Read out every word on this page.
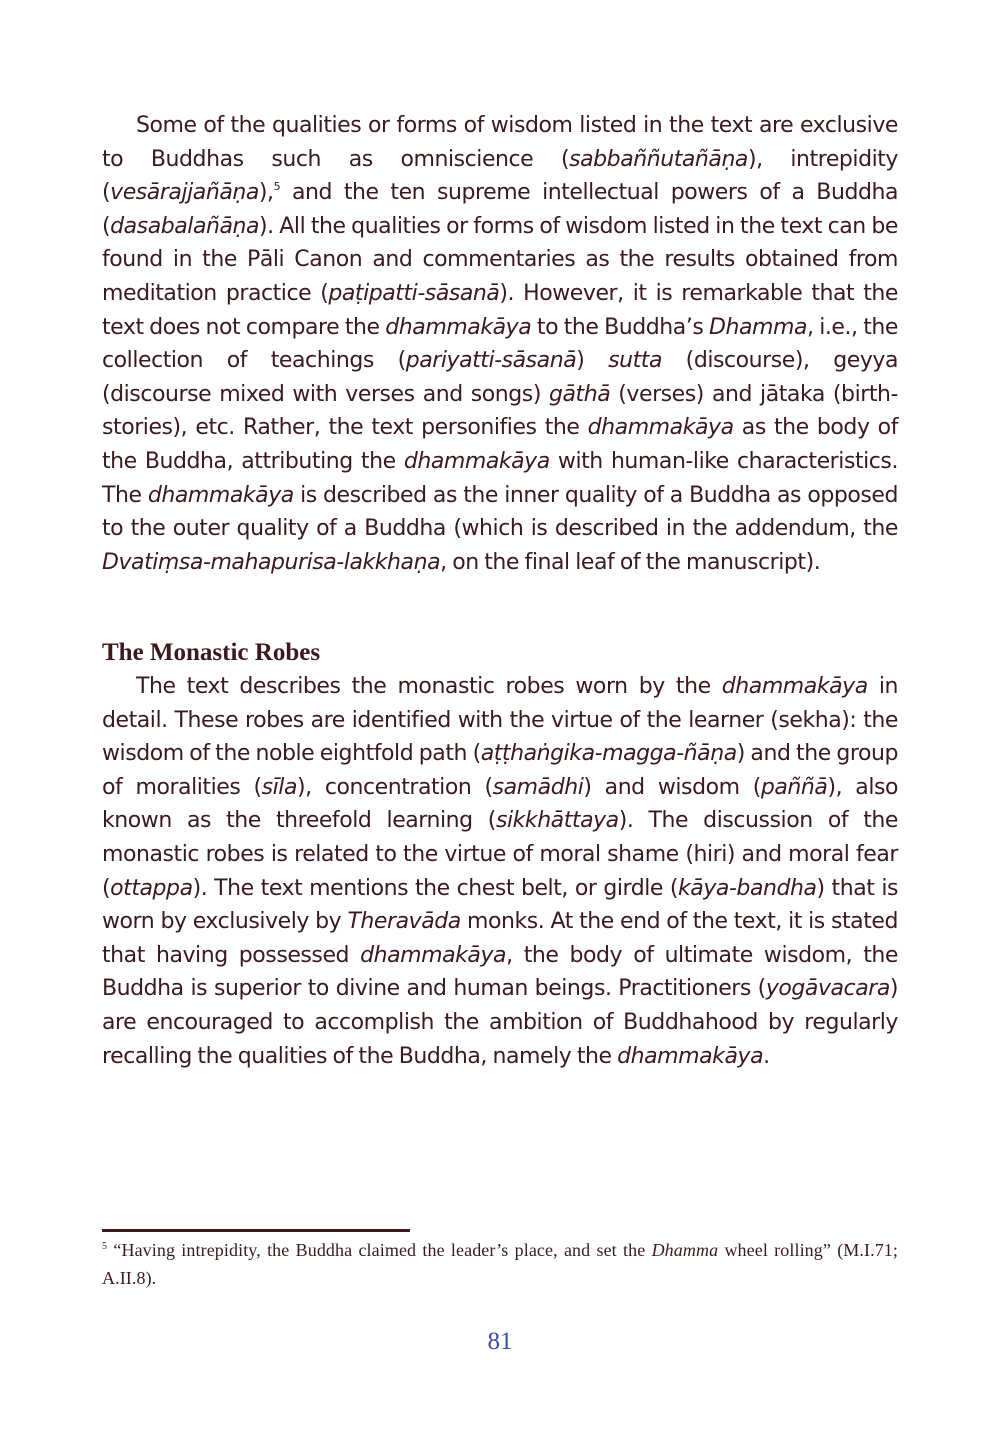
Some of the qualities or forms of wisdom listed in the text are exclusive to Buddhas such as omniscience (sabbaññutañāṇa), intrepidity (vesārajjañāṇa),$^5$ and the ten supreme intellectual powers of a Buddha (dasabalañāṇa). All the qualities or forms of wisdom listed in the text can be found in the Pāli Canon and commentaries as the results obtained from meditation practice (paṭipatti-sāsanā). However, it is remarkable that the text does not compare the dhammakāya to the Buddha’s Dhamma, i.e., the collection of teachings (pariyatti-sāsanā) sutta (discourse), geyya (discourse mixed with verses and songs) gāthā (verses) and jātaka (birth-stories), etc. Rather, the text personifies the dhammakāya as the body of the Buddha, attributing the dhammakāya with human-like characteristics. The dhammakāya is described as the inner quality of a Buddha as opposed to the outer quality of a Buddha (which is described in the addendum, the Dvatiṃsa-mahapurisa-lakkhaṇa, on the final leaf of the manuscript).

The Monastic Robes

The text describes the monastic robes worn by the dhammakāya in detail. These robes are identified with the virtue of the learner (sekha): the wisdom of the noble eightfold path (aṭṭhaṅgika-magga-ñāṇa) and the group of moralities (sīla), concentration (samādhi) and wisdom (paññā), also known as the threefold learning (sikkhāttaya). The discussion of the monastic robes is related to the virtue of moral shame (hiri) and moral fear (ottappa). The text mentions the chest belt, or girdle (kāya-bandha) that is worn by exclusively by Theravāda monks. At the end of the text, it is stated that having possessed dhammakāya, the body of ultimate wisdom, the Buddha is superior to divine and human beings. Practitioners (yogāvacara) are encouraged to accomplish the ambition of Buddhahood by regularly recalling the qualities of the Buddha, namely the dhammakāya.

$^5$ “Having intrepidity, the Buddha claimed the leader’s place, and set the Dhamma wheel rolling” (M.I.71; A.II.8).

81
